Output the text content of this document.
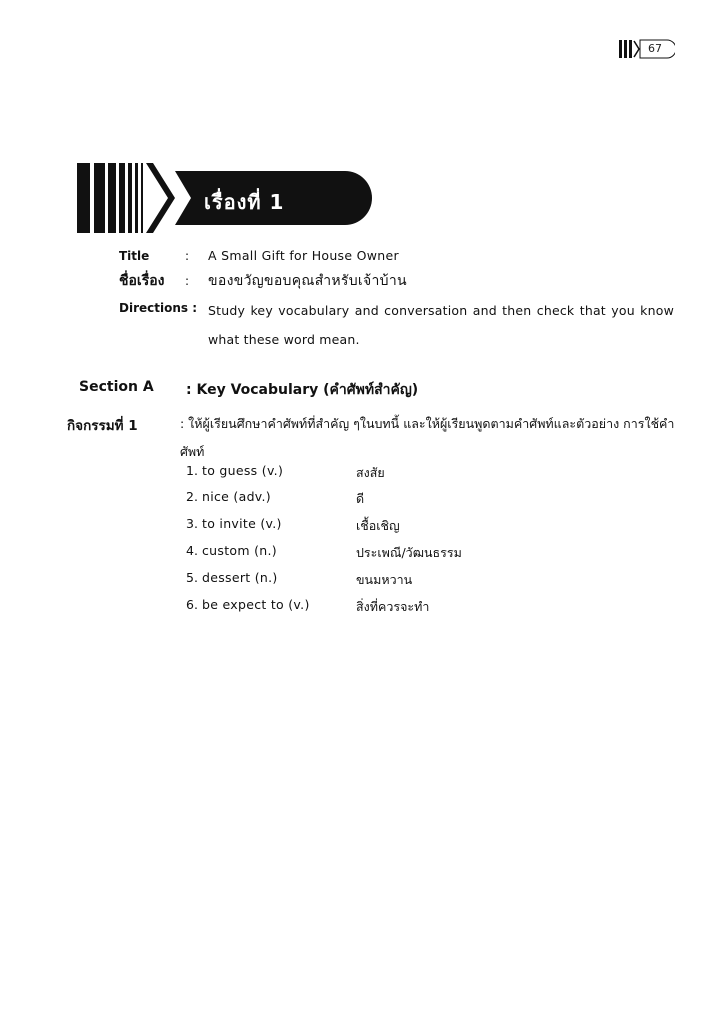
67
เรื่องที่ 1
Title	: A Small Gift for House Owner
ชื่อเรื่อง : ของขวัญขอบคุณสำหรับเจ้าบ้าน
Directions : Study key vocabulary and conversation and then check that you know what these word mean.
Section A : Key Vocabulary (คำศัพท์สำคัญ)
กิจกรรมที่ 1	: ให้ผู้เรียนศึกษาคำศัพท์ที่สำคัญ ๆในบทนี้ และให้ผู้เรียนพูดตามคำศัพท์และตัวอย่าง การใช้คำศัพท์
1. to guess (v.)	สงสัย
2. nice (adv.)	ดี
3. to invite (v.)	เชื้อเชิญ
4. custom (n.)	ประเพณี/วัฒนธรรม
5. dessert (n.)	ขนมหวาน
6. be expect to (v.)	สิ่งที่ควรจะทำ
